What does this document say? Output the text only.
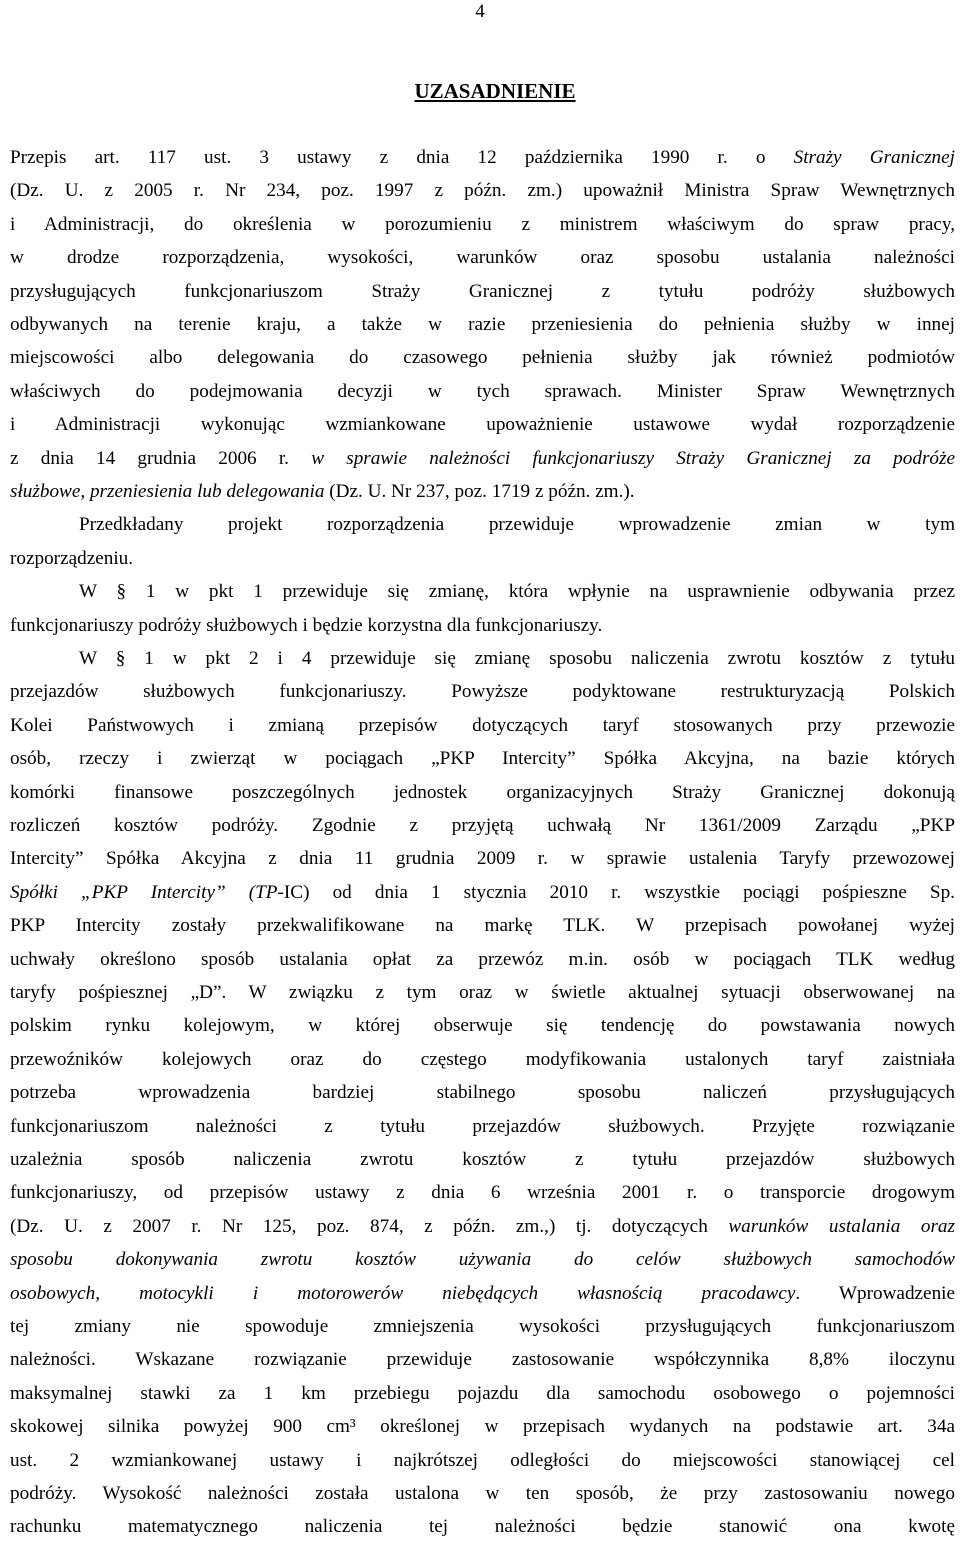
4
UZASADNIENIE
Przepis art. 117 ust. 3 ustawy z dnia 12 października 1990 r. o Straży Granicznej
(Dz. U. z 2005 r. Nr 234, poz. 1997 z późn. zm.) upoważnił Ministra Spraw Wewnętrznych
i Administracji, do określenia w porozumieniu z ministrem właściwym do spraw pracy,
w drodze rozporządzenia, wysokości, warunków oraz sposobu ustalania należności
przysługujących funkcjonariuszom Straży Granicznej z tytułu podróży służbowych
odbywanych na terenie kraju, a także w razie przeniesienia do pełnienia służby w innej
miejscowości albo delegowania do czasowego pełnienia służby jak również podmiotów
właściwych do podejmowania decyzji w tych sprawach. Minister Spraw Wewnętrznych
i Administracji wykonując wzmiankowane upoważnienie ustawowe wydał rozporządzenie
z dnia 14 grudnia 2006 r. w sprawie należności funkcjonariuszy Straży Granicznej za podróże
służbowe, przeniesienia lub delegowania (Dz. U. Nr 237, poz. 1719 z późn. zm.).
Przedkładany projekt rozporządzenia przewiduje wprowadzenie zmian w tym
rozporządzeniu.
W § 1 w pkt 1 przewiduje się zmianę, która wpłynie na usprawnienie odbywania przez
funkcjonariuszy podróży służbowych i będzie korzystna dla funkcjonariuszy.
W § 1 w pkt 2 i 4 przewiduje się zmianę sposobu naliczenia zwrotu kosztów z tytułu
przejazdów służbowych funkcjonariuszy. Powyższe podyktowane restrukturyzacją Polskich
Kolei Państwowych i zmianą przepisów dotyczących taryf stosowanych przy przewozie
osób, rzeczy i zwierząt w pociągach „PKP Intercity” Spółka Akcyjna, na bazie których
komórki finansowe poszczególnych jednostek organizacyjnych Straży Granicznej dokonują
rozliczeń kosztów podróży. Zgodnie z przyjętą uchwałą Nr 1361/2009 Zarządu „PKP
Intercity” Spółka Akcyjna z dnia 11 grudnia 2009 r. w sprawie ustalenia Taryfy przewozowej
Spółki „PKP Intercity” (TP-IC) od dnia 1 stycznia 2010 r. wszystkie pociągi pośpieszne Sp.
PKP Intercity zostały przekwalifikowane na markę TLK. W przepisach powołanej wyżej
uchwały określono sposób ustalania opłat za przewóz m.in. osób w pociągach TLK według
taryfy pośpiesznej „D”. W związku z tym oraz w świetle aktualnej sytuacji obserwowanej na
polskim rynku kolejowym, w której obserwuje się tendencję do powstawania nowych
przewoźników kolejowych oraz do częstego modyfikowania ustalonych taryf zaistniała
potrzeba wprowadzenia bardziej stabilnego sposobu naliczeń przysługujących
funkcjonariuszom należności z tytułu przejazdów służbowych. Przyjęte rozwiązanie
uzależnia sposób naliczenia zwrotu kosztów z tytułu przejazdów służbowych
funkcjonariuszy, od przepisów ustawy z dnia 6 września 2001 r. o transporcie drogowym
(Dz. U. z 2007 r. Nr 125, poz. 874, z późn. zm.,) tj. dotyczących warunków ustalania oraz
sposobu dokonywania zwrotu kosztów używania do celów służbowych samochodów
osobowych, motocykli i motorowerów niebędących własnością pracodawcy. Wprowadzenie
tej zmiany nie spowoduje zmniejszenia wysokości przysługujących funkcjonariuszom
należności. Wskazane rozwiązanie przewiduje zastosowanie współczynnika 8,8% iloczynu
maksymalnej stawki za 1 km przebiegu pojazdu dla samochodu osobowego o pojemności
skokowej silnika powyżej 900 cm³ określonej w przepisach wydanych na podstawie art. 34a
ust. 2 wzmiankowanej ustawy i najkrótszej odległości do miejscowości stanowiącej cel
podróży. Wysokość należności została ustalona w ten sposób, że przy zastosowaniu nowego
rachunku matematycznego naliczenia tej należności będzie stanowić ona kwotę
